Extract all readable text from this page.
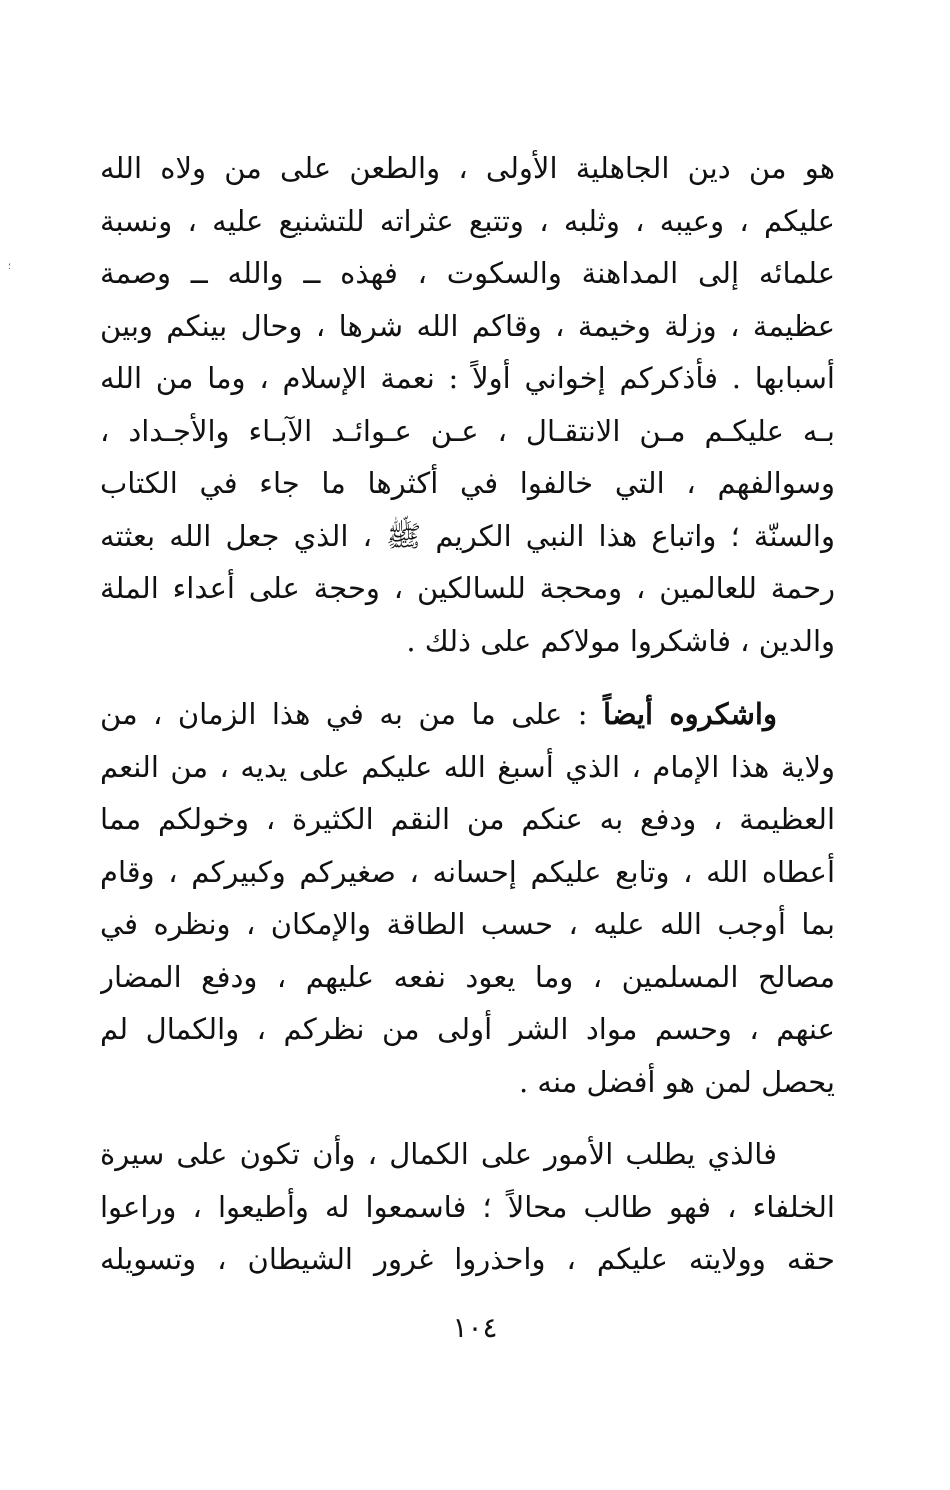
؛
هو من دين الجاهلية الأولى ، والطعن على من ولاه الله
عليكم ، وعيبه ، وثلبه ، وتتبع عثراته للتشنيع عليه ، ونسبة
علمائه إلى المداهنة والسكوت ، فهذه ــ والله ــ وصمة
عظيمة ، وزلة وخيمة ، وقاكم الله شرها ، وحال بينكم وبين
أسبابها . فأذكركم إخواني أولاً : نعمة الإسلام ، وما من الله
بـه عليكـم مـن الانتقـال ، عـن عـوائـد الآبـاء والأجـداد ،
وسوالفهم ، التي خالفوا في أكثرها ما جاء في الكتاب
والسنّة ؛ واتباع هذا النبي الكريم ﷺ ، الذي جعل الله بعثته
رحمة للعالمين ، ومحجة للسالكين ، وحجة على أعداء الملة
والدين ، فاشكروا مولاكم على ذلك .
  واشكروه أيضاً : على ما من به في هذا الزمان ، من
ولاية هذا الإمام ، الذي أسبغ الله عليكم على يديه ، من النعم
العظيمة ، ودفع به عنكم من النقم الكثيرة ، وخولكم مما
أعطاه الله ، وتابع عليكم إحسانه ، صغيركم وكبيركم ، وقام
بما أوجب الله عليه ، حسب الطاقة والإمكان ، ونظره في
مصالح المسلمين ، وما يعود نفعه عليهم ، ودفع المضار
عنهم ، وحسم مواد الشر أولى من نظركم ، والكمال لم
يحصل لمن هو أفضل منه .
فالذي يطلب الأمور على الكمال ، وأن تكون على سيرة
الخلفاء ، فهو طالب محالاً ؛ فاسمعوا له وأطيعوا ، وراعوا
حقه وولايته عليكم ، واحذروا غرور الشيطان ، وتسويله
١٠٤
